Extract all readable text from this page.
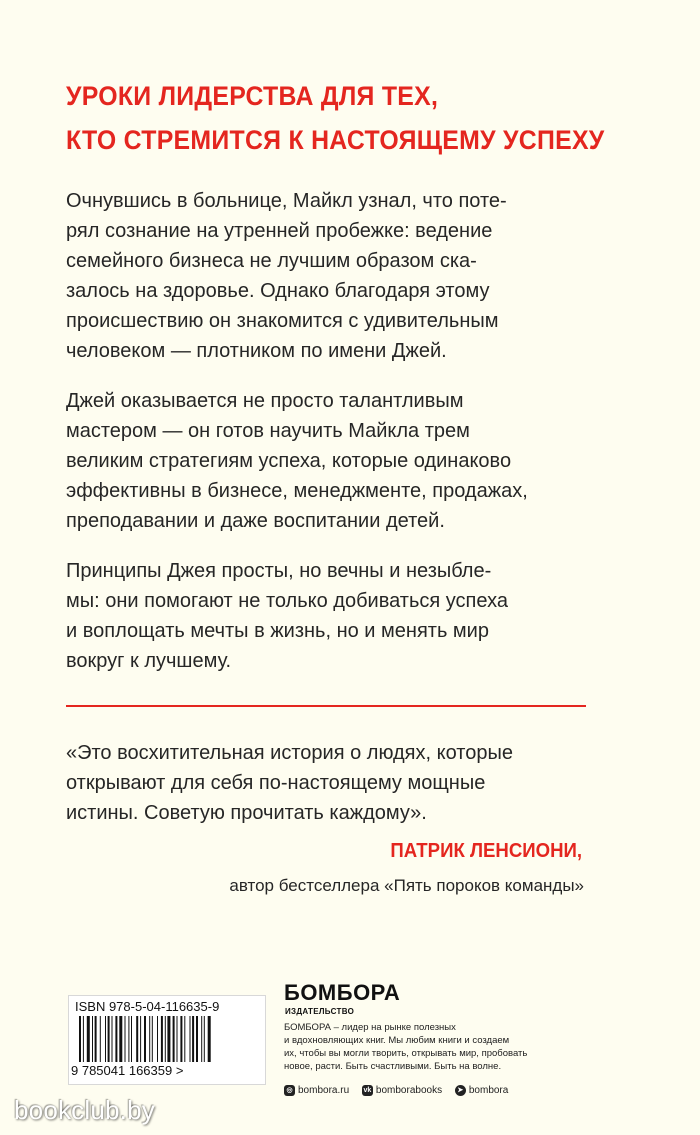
УРОКИ ЛИДЕРСТВА ДЛЯ ТЕХ,
КТО СТРЕМИТСЯ К НАСТОЯЩЕМУ УСПЕХУ
Очнувшись в больнице, Майкл узнал, что поте-
рял сознание на утренней пробежке: ведение
семейного бизнеса не лучшим образом ска-
залось на здоровье. Однако благодаря этому
происшествию он знакомится с удивительным
человеком — плотником по имени Джей.
Джей оказывается не просто талантливым
мастером — он готов научить Майкла трем
великим стратегиям успеха, которые одинаково
эффективны в бизнесе, менеджменте, продажах,
преподавании и даже воспитании детей.
Принципы Джея просты, но вечны и незыбле-
мы: они помогают не только добиваться успеха
и воплощать мечты в жизнь, но и менять мир
вокруг к лучшему.
«Это восхитительная история о людях, которые
открывают для себя по-настоящему мощные
истины. Советую прочитать каждому».
ПАТРИК ЛЕНСИОНИ,
автор бестселлера «Пять пороков команды»
ISBN 978-5-04-116635-9
9 785041 166359 >
БОМБОРА
ИЗДАТЕЛЬСТВО
БОМБОРА – лидер на рынке полезных
и вдохновляющих книг. Мы любим книги и создаем
их, чтобы вы могли творить, открывать мир, пробовать
новое, расти. Быть счастливыми. Быть на волне.
◎ bombora.ru
vk bomborabooks
	➤ bombora
bookclub.by
